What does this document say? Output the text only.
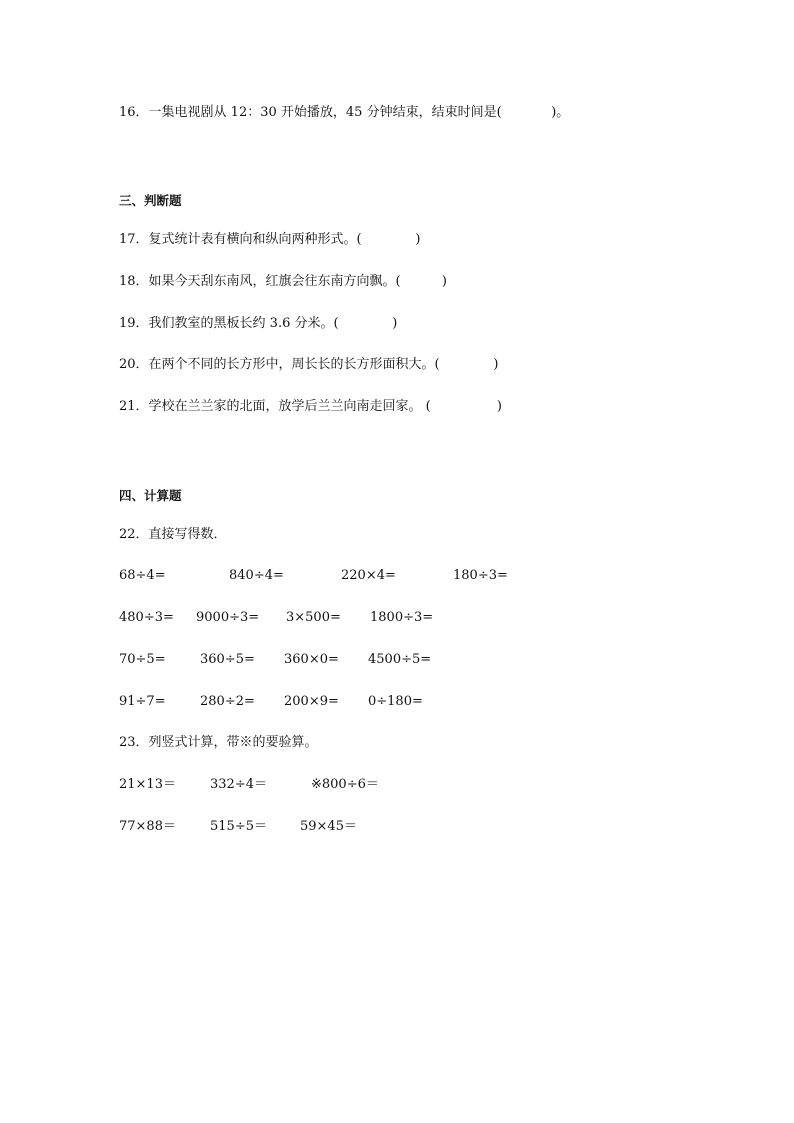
16．一集电视剧从 12：30 开始播放，45 分钟结束，结束时间是(            )。
三、判断题
17．复式统计表有横向和纵向两种形式。(             )
18．如果今天刮东南风，红旗会往东南方向飘。(          )
19．我们教室的黑板长约 3.6 分米。(             )
20．在两个不同的长方形中，周长长的长方形面积大。(             )
21．学校在兰兰家的北面，放学后兰兰向南走回家。 (                )
四、计算题
22．直接写得数．
68÷4=	840÷4=	220×4=	180÷3=
480÷3= 9000÷3= 3×500= 1800÷3=
70÷5=	360÷5= 360×0= 4500÷5=
91÷7=	280÷2= 200×9= 0÷180=
23．列竖式计算，带※的要验算。
21×13＝	332÷4＝	※800÷6＝
77×88＝	515÷5＝	59×45＝
